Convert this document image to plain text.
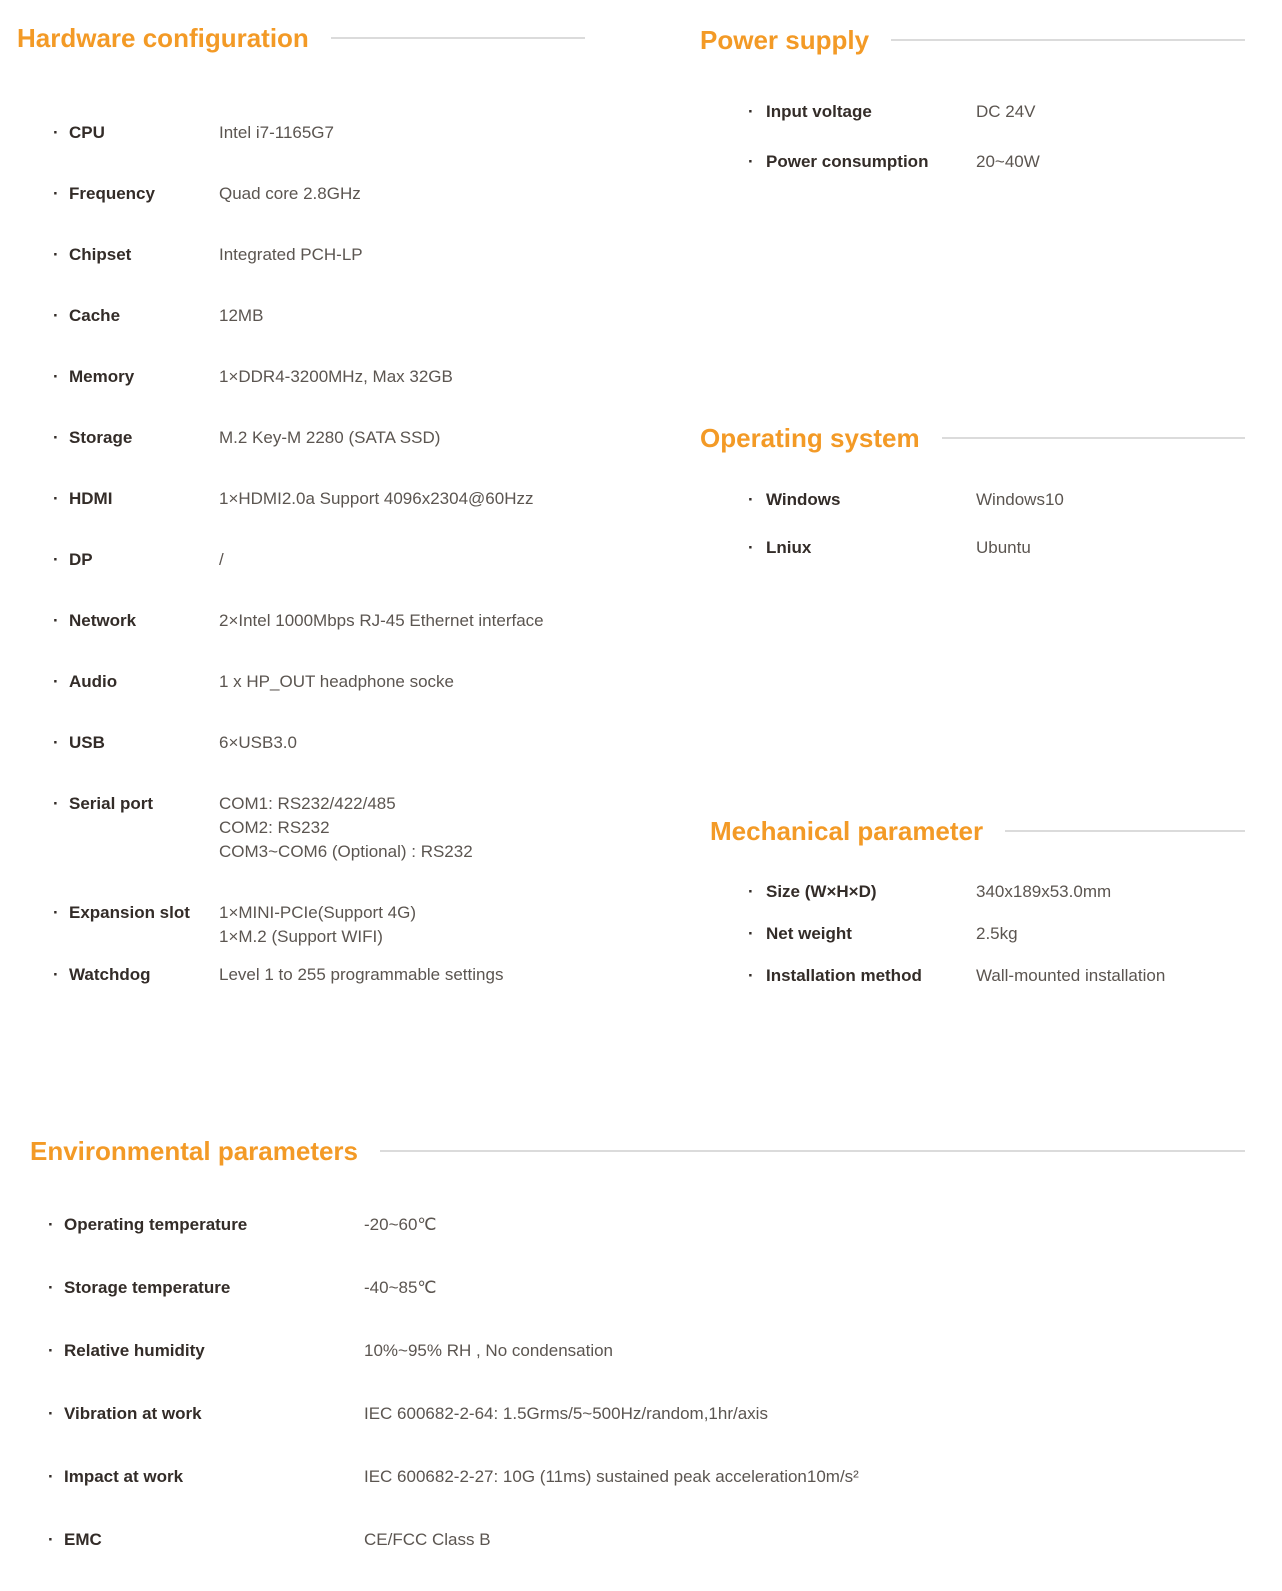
Hardware configuration
· CPU	Intel i7-1165G7
· Frequency	Quad core 2.8GHz
· Chipset	Integrated PCH-LP
· Cache	12MB
· Memory	1×DDR4-3200MHz, Max 32GB
· Storage	M.2 Key-M 2280 (SATA SSD)
· HDMI	1×HDMI2.0a Support 4096x2304@60Hzz
· DP	/
· Network	2×Intel 1000Mbps RJ-45 Ethernet interface
· Audio	1 x HP_OUT headphone socke
· USB	6×USB3.0
· Serial port	COM1: RS232/422/485
COM2: RS232
COM3~COM6 (Optional) : RS232
· Expansion slot	1×MINI-PCIe(Support 4G)
1×M.2 (Support WIFI)
· Watchdog	Level 1 to 255 programmable settings
Power supply
· Input voltage	DC 24V
· Power consumption	20~40W
Operating system
· Windows	Windows10
· Lniux	Ubuntu
Mechanical parameter
· Size (W×H×D)	340x189x53.0mm
· Net weight	2.5kg
· Installation method	Wall-mounted installation
Environmental parameters
· Operating temperature	-20~60℃
· Storage temperature	-40~85℃
· Relative humidity	10%~95% RH , No condensation
· Vibration at work	IEC 600682-2-64: 1.5Grms/5~500Hz/random,1hr/axis
· Impact at work	IEC 600682-2-27: 10G (11ms) sustained peak acceleration10m/s²
· EMC	CE/FCC Class B
